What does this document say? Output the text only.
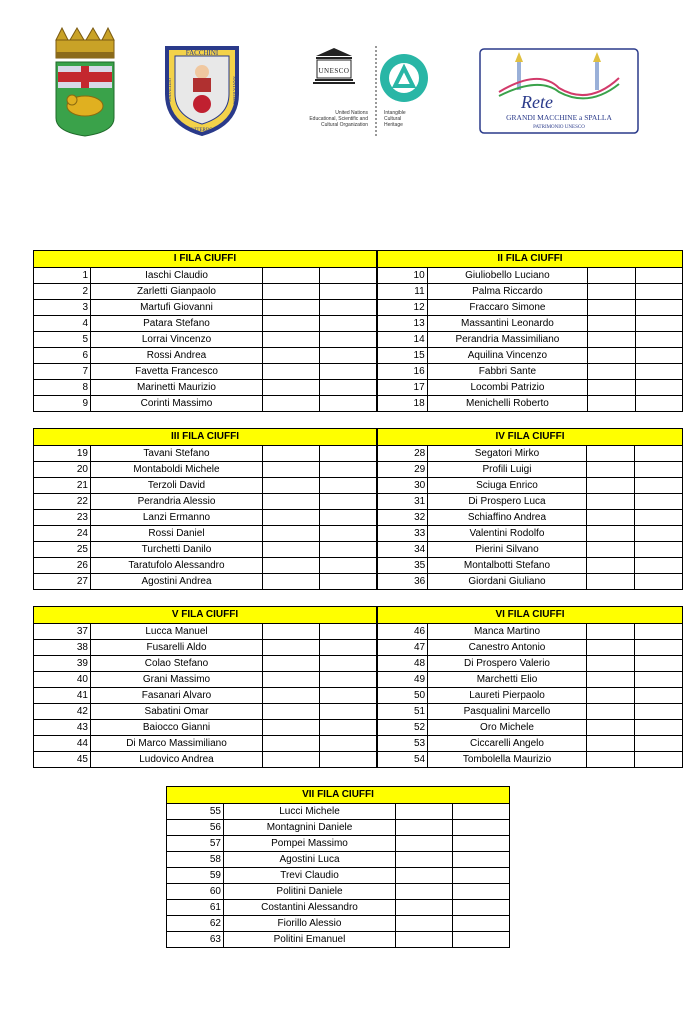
FACCHINI
SODALIZIO	SANTA ROSA
VITERBO
UNESCO
United Nations
Educational, Scientific and
Cultural Organization
Intangible
Cultural
Heritage
Rete
GRANDI MACCHINE a SPALLA
PATRIMONIO UNESCO
I FILA CIUFFI			
1	Iaschi Claudio		
2	Zarletti Gianpaolo		
3	Martufi Giovanni		
4	Patara Stefano		
5	Lorrai Vincenzo		
6	Rossi Andrea		
7	Favetta Francesco		
8	Marinetti Maurizio		
9	Corinti Massimo		
II FILA CIUFFI			
10	Giuliobello Luciano		
11	Palma Riccardo		
12	Fraccaro Simone		
13	Massantini Leonardo		
14	Perandria Massimiliano		
15	Aquilina Vincenzo		
16	Fabbri Sante		
17	Locombi Patrizio		
18	Menichelli Roberto		
III FILA CIUFFI			
19	Tavani Stefano		
20	Montaboldi Michele		
21	Terzoli David		
22	Perandria Alessio		
23	Lanzi Ermanno		
24	Rossi Daniel		
25	Turchetti Danilo		
26	Taratufolo Alessandro		
27	Agostini Andrea		
IV FILA CIUFFI			
28	Segatori Mirko		
29	Profili Luigi		
30	Sciuga Enrico		
31	Di Prospero Luca		
32	Schiaffino Andrea		
33	Valentini Rodolfo		
34	Pierini Silvano		
35	Montalbotti Stefano		
36	Giordani Giuliano		
V FILA CIUFFI			
37	Lucca Manuel		
38	Fusarelli Aldo		
39	Colao Stefano		
40	Grani Massimo		
41	Fasanari Alvaro		
42	Sabatini Omar		
43	Baiocco Gianni		
44	Di Marco Massimiliano		
45	Ludovico Andrea		
VI FILA CIUFFI			
46	Manca Martino		
47	Canestro Antonio		
48	Di Prospero Valerio		
49	Marchetti Elio		
50	Laureti Pierpaolo		
51	Pasqualini Marcello		
52	Oro Michele		
53	Ciccarelli Angelo		
54	Tombolella Maurizio		
VII FILA CIUFFI			
55	Lucci Michele		
56	Montagnini Daniele		
57	Pompei Massimo		
58	Agostini Luca		
59	Trevi Claudio		
60	Politini Daniele		
61	Costantini Alessandro		
62	Fiorillo Alessio		
63	Politini Emanuel		
